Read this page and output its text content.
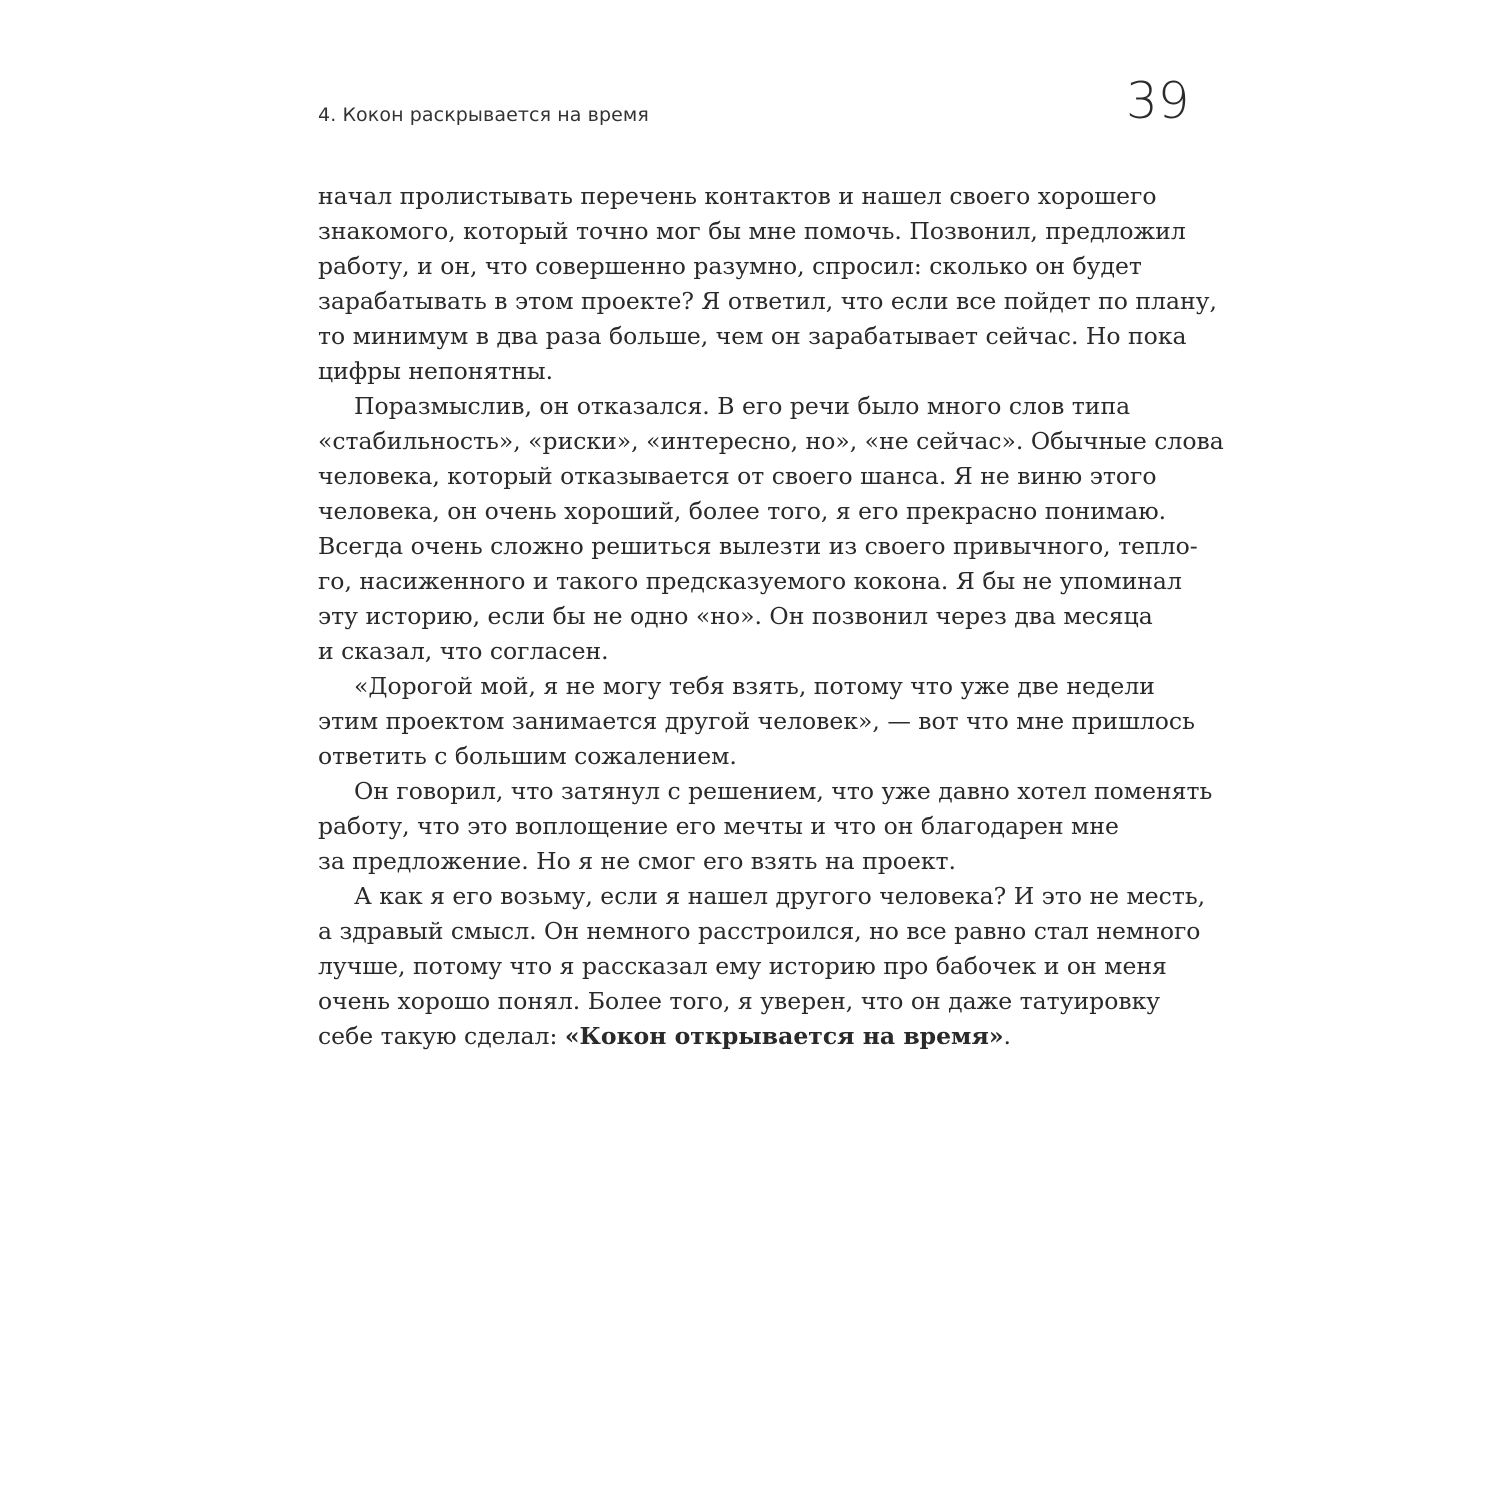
4. Кокон раскрывается на время	39
начал пролистывать перечень контактов и нашел своего хорошего
знакомого, который точно мог бы мне помочь. Позвонил, предложил
работу, и он, что совершенно разумно, спросил: сколько он будет
зарабатывать в этом проекте? Я ответил, что если все пойдет по плану,
то минимум в два раза больше, чем он зарабатывает сейчас. Но пока
цифры непонятны.
Поразмыслив, он отказался. В его речи было много слов типа
«стабильность», «риски», «интересно, но», «не сейчас». Обычные слова
человека, который отказывается от своего шанса. Я не виню этого
человека, он очень хороший, более того, я его прекрасно понимаю.
Всегда очень сложно решиться вылезти из своего привычного, тепло-
го, насиженного и такого предсказуемого кокона. Я бы не упоминал
эту историю, если бы не одно «но». Он позвонил через два месяца
и сказал, что согласен.
«Дорогой мой, я не могу тебя взять, потому что уже две недели
этим проектом занимается другой человек», — вот что мне пришлось
ответить с большим сожалением.
Он говорил, что затянул с решением, что уже давно хотел поменять
работу, что это воплощение его мечты и что он благодарен мне
за предложение. Но я не смог его взять на проект.
А как я его возьму, если я нашел другого человека? И это не месть,
а здравый смысл. Он немного расстроился, но все равно стал немного
лучше, потому что я рассказал ему историю про бабочек и он меня
очень хорошо понял. Более того, я уверен, что он даже татуировку
себе такую сделал: «Кокон открывается на время».
